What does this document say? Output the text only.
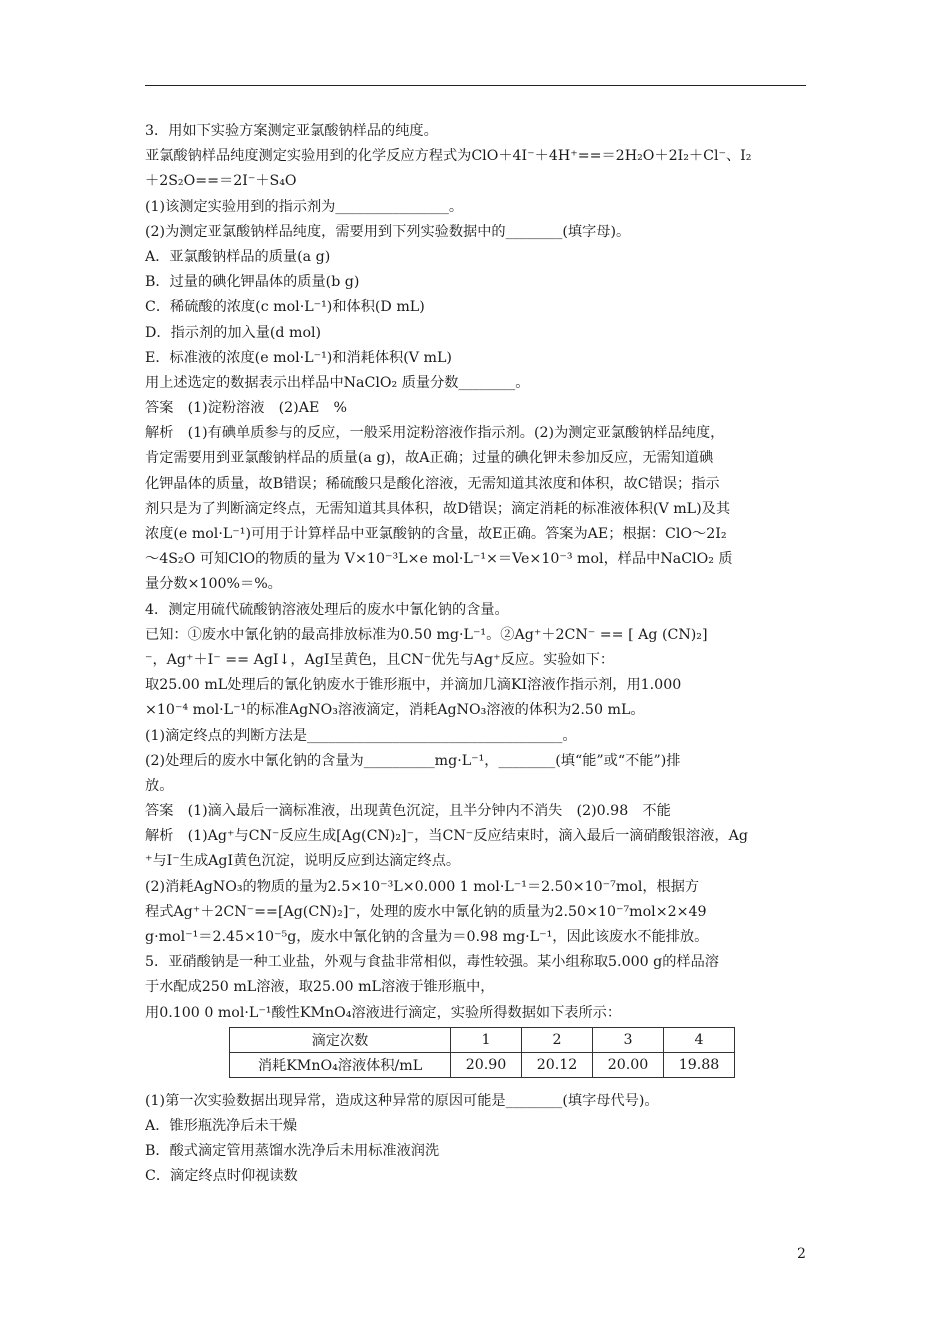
3．用如下实验方案测定亚氯酸钠样品的纯度。
亚氯酸钠样品纯度测定实验用到的化学反应方程式为ClO＋4I⁻＋4H⁺==＝2H₂O＋2I₂＋Cl⁻、I₂
＋2S₂O==＝2I⁻＋S₄O
(1)该测定实验用到的指示剂为________________。
(2)为测定亚氯酸钠样品纯度，需要用到下列实验数据中的________(填字母)。
A．亚氯酸钠样品的质量(a g)
B．过量的碘化钾晶体的质量(b g)
C．稀硫酸的浓度(c mol·L⁻¹)和体积(D mL)
D．指示剂的加入量(d mol)
E．标准液的浓度(e mol·L⁻¹)和消耗体积(V mL)
用上述选定的数据表示出样品中NaClO₂ 质量分数________。
答案　(1)淀粉溶液　(2)AE　%
解析　(1)有碘单质参与的反应，一般采用淀粉溶液作指示剂。(2)为测定亚氯酸钠样品纯度，
肯定需要用到亚氯酸钠样品的质量(a g)，故A正确；过量的碘化钾未参加反应，无需知道碘
化钾晶体的质量，故B错误；稀硫酸只是酸化溶液，无需知道其浓度和体积，故C错误；指示
剂只是为了判断滴定终点，无需知道其具体积，故D错误；滴定消耗的标准液体积(V mL)及其
浓度(e mol·L⁻¹)可用于计算样品中亚氯酸钠的含量，故E正确。答案为AE；根据：ClO～2I₂
～4S₂O 可知ClO的物质的量为 V×10⁻³L×e mol·L⁻¹×＝Ve×10⁻³ mol，样品中NaClO₂ 质
量分数×100%＝%。
4．测定用硫代硫酸钠溶液处理后的废水中氰化钠的含量。
已知：①废水中氰化钠的最高排放标准为0.50 mg·L⁻¹。②Ag⁺＋2CN⁻ == [ Ag (CN)₂]
⁻，Ag⁺＋I⁻ == AgI↓，AgI呈黄色，且CN⁻优先与Ag⁺反应。实验如下：
取25.00 mL处理后的氰化钠废水于锥形瓶中，并滴加几滴KI溶液作指示剂，用1.000
×10⁻⁴ mol·L⁻¹的标准AgNO₃溶液滴定，消耗AgNO₃溶液的体积为2.50 mL。
(1)滴定终点的判断方法是____________________________________。
(2)处理后的废水中氰化钠的含量为__________mg·L⁻¹，________(填“能”或“不能”)排
放。
答案　(1)滴入最后一滴标准液，出现黄色沉淀，且半分钟内不消失　(2)0.98　不能
解析　(1)Ag⁺与CN⁻反应生成[Ag(CN)₂]⁻，当CN⁻反应结束时，滴入最后一滴硝酸银溶液，Ag
⁺与I⁻生成AgI黄色沉淀，说明反应到达滴定终点。
(2)消耗AgNO₃的物质的量为2.5×10⁻³L×0.000 1 mol·L⁻¹＝2.50×10⁻⁷mol，根据方
程式Ag⁺＋2CN⁻==[Ag(CN)₂]⁻，处理的废水中氰化钠的质量为2.50×10⁻⁷mol×2×49
g·mol⁻¹＝2.45×10⁻⁵g，废水中氰化钠的含量为＝0.98 mg·L⁻¹，因此该废水不能排放。
5．亚硝酸钠是一种工业盐，外观与食盐非常相似，毒性较强。某小组称取5.000 g的样品溶
于水配成250 mL溶液，取25.00 mL溶液于锥形瓶中，
用0.100 0 mol·L⁻¹酸性KMnO₄溶液进行滴定，实验所得数据如下表所示：
滴定次数	1	2	3	4
消耗KMnO₄溶液体积/mL	20.90	20.12	20.00	19.88
(1)第一次实验数据出现异常，造成这种异常的原因可能是________(填字母代号)。
A．锥形瓶洗净后未干燥
B．酸式滴定管用蒸馏水洗净后未用标准液润洗
C．滴定终点时仰视读数
2
